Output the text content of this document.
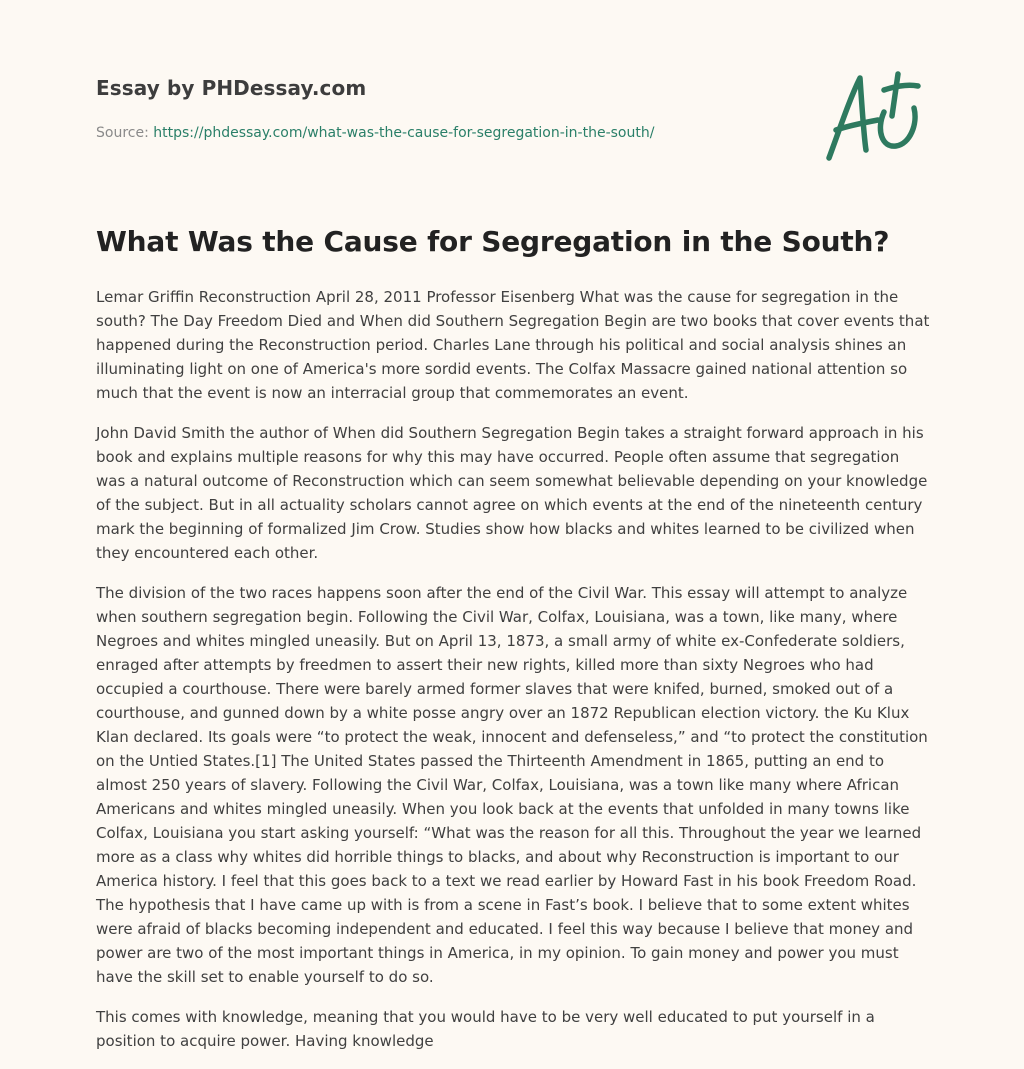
Essay by PHDessay.com
Source: https://phdessay.com/what-was-the-cause-for-segregation-in-the-south/
What Was the Cause for Segregation in the South?

Lemar Griffin Reconstruction April 28, 2011 Professor Eisenberg What was the cause for segregation in the south? The Day Freedom Died and When did Southern Segregation Begin are two books that cover events that happened during the Reconstruction period. Charles Lane through his political and social analysis shines an illuminating light on one of America's more sordid events. The Colfax Massacre gained national attention so much that the event is now an interracial group that commemorates an event.

John David Smith the author of When did Southern Segregation Begin takes a straight forward approach in his book and explains multiple reasons for why this may have occurred. People often assume that segregation was a natural outcome of Reconstruction which can seem somewhat believable depending on your knowledge of the subject. But in all actuality scholars cannot agree on which events at the end of the nineteenth century mark the beginning of formalized Jim Crow. Studies show how blacks and whites learned to be civilized when they encountered each other.

The division of the two races happens soon after the end of the Civil War. This essay will attempt to analyze when southern segregation begin. Following the Civil War, Colfax, Louisiana, was a town, like many, where Negroes and whites mingled uneasily. But on April 13, 1873, a small army of white ex-Confederate soldiers, enraged after attempts by freedmen to assert their new rights, killed more than sixty Negroes who had occupied a courthouse. There were barely armed former slaves that were knifed, burned, smoked out of a courthouse, and gunned down by a white posse angry over an 1872 Republican election victory. the Ku Klux Klan declared. Its goals were “to protect the weak, innocent and defenseless,” and “to protect the constitution on the Untied States.[1] The United States passed the Thirteenth Amendment in 1865, putting an end to almost 250 years of slavery. Following the Civil War, Colfax, Louisiana, was a town like many where African Americans and whites mingled uneasily. When you look back at the events that unfolded in many towns like Colfax, Louisiana you start asking yourself: “What was the reason for all this. Throughout the year we learned more as a class why whites did horrible things to blacks, and about why Reconstruction is important to our America history. I feel that this goes back to a text we read earlier by Howard Fast in his book Freedom Road. The hypothesis that I have came up with is from a scene in Fast’s book. I believe that to some extent whites were afraid of blacks becoming independent and educated. I feel this way because I believe that money and power are two of the most important things in America, in my opinion. To gain money and power you must have the skill set to enable yourself to do so.

This comes with knowledge, meaning that you would have to be very well educated to put yourself in a position to acquire power. Having knowledge
